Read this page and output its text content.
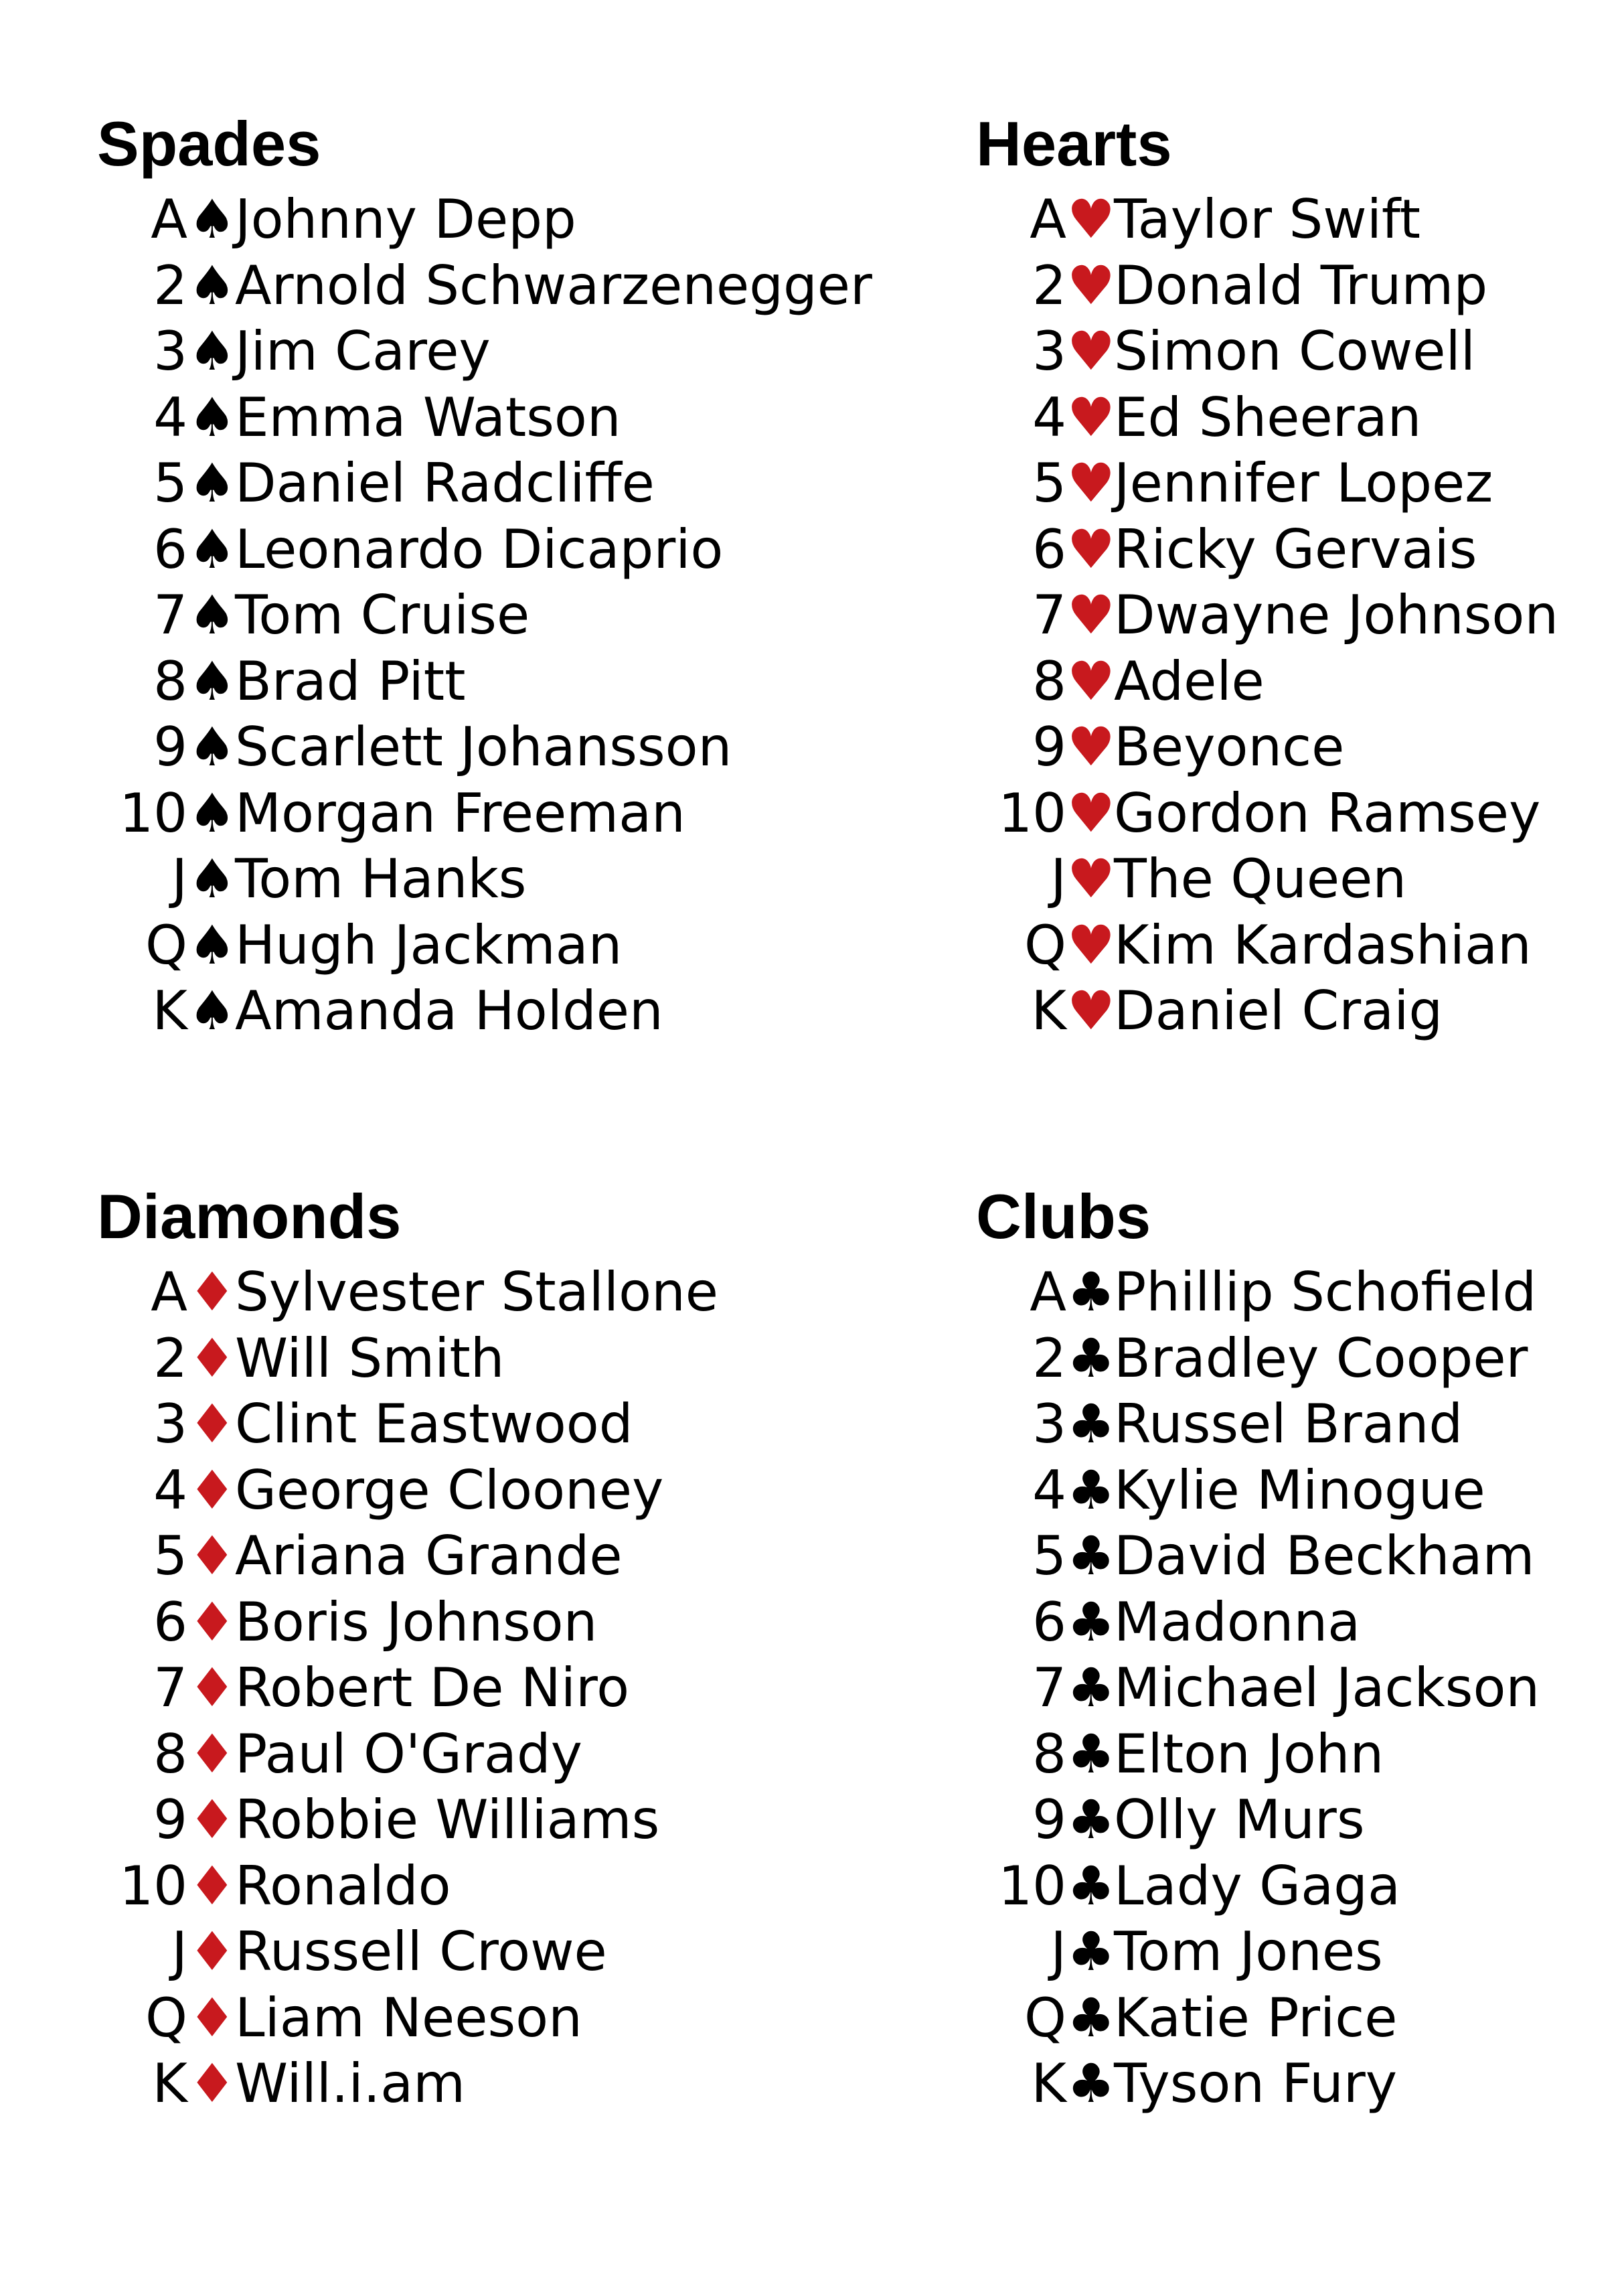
Spades
A ♠
Johnny Depp
2 ♠
Arnold Schwarzenegger
3 ♠
Jim Carey
4 ♠
Emma Watson
5 ♠
Daniel Radcliffe
6 ♠
Leonardo Dicaprio
7 ♠
Tom Cruise
8 ♠
Brad Pitt
9 ♠
Scarlett Johansson
10 ♠
Morgan Freeman
J ♠
Tom Hanks
Q ♠
Hugh Jackman
K ♠
Amanda Holden
Hearts
A ♥
Taylor Swift
2 ♥
Donald Trump
3 ♥
Simon Cowell
4 ♥
Ed Sheeran
5 ♥
Jennifer Lopez
6 ♥
Ricky Gervais
7 ♥
Dwayne Johnson
8 ♥
Adele
9 ♥
Beyonce
10 ♥
Gordon Ramsey
J ♥
The Queen
Q ♥
Kim Kardashian
K ♥
Daniel Craig
Diamonds
A ♦
Sylvester Stallone
2 ♦
Will Smith
3 ♦
Clint Eastwood
4 ♦
George Clooney
5 ♦
Ariana Grande
6 ♦
Boris Johnson
7 ♦
Robert De Niro
8 ♦
Paul O'Grady
9 ♦
Robbie Williams
10 ♦
Ronaldo
J ♦
Russell Crowe
Q ♦
Liam Neeson
K ♦
Will.i.am
Clubs
A ♣
Phillip Schofield
2 ♣
Bradley Cooper
3 ♣
Russel Brand
4 ♣
Kylie Minogue
5 ♣
David Beckham
6 ♣
Madonna
7 ♣
Michael Jackson
8 ♣
Elton John
9 ♣
Olly Murs
10 ♣
Lady Gaga
J ♣
Tom Jones
Q ♣
Katie Price
K ♣
Tyson Fury
